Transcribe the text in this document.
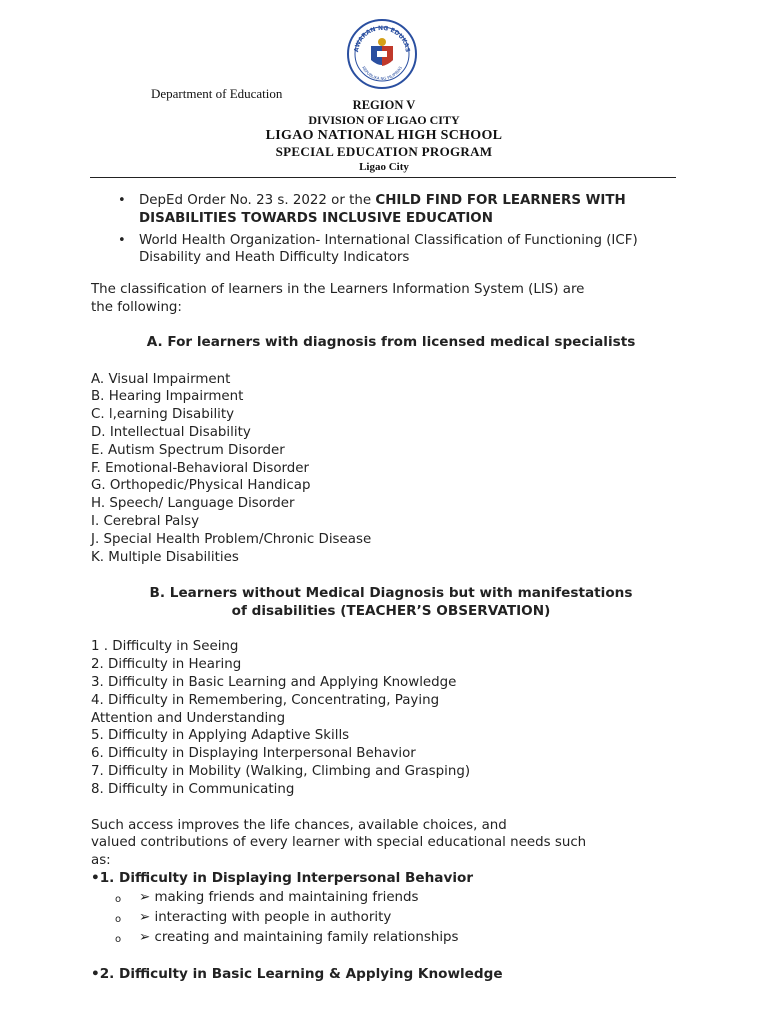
AWARAN NG EDUKAS
REPUBLIKA NG PILIPINAS
Department of Education
REGION V
DIVISION OF LIGAO CITY
LIGAO NATIONAL HIGH SCHOOL
SPECIAL EDUCATION PROGRAM
Ligao City
• DepEd Order No. 23 s. 2022 or the CHILD FIND FOR LEARNERS WITH DISABILITIES TOWARDS INCLUSIVE EDUCATION
• World Health Organization- International Classification of Functioning (ICF) Disability and Heath Difficulty Indicators
The classification of learners in the Learners Information System (LIS) are the following:
A. For learners with diagnosis from licensed medical specialists
A. Visual Impairment
B. Hearing Impairment
C. l,earning Disability
D. Intellectual Disability
E. Autism Spectrum Disorder
F. Emotional-Behavioral Disorder
G. Orthopedic/Physical Handicap
H. Speech/ Language Disorder
I. Cerebral Palsy
J. Special Health Problem/Chronic Disease
K. Multiple Disabilities
B. Learners without Medical Diagnosis but with manifestations
of disabilities (TEACHER’S OBSERVATION)
1 . Difficulty in Seeing
2. Difficulty in Hearing
3. Difficulty in Basic Learning and Applying Knowledge
4. Difficulty in Remembering, Concentrating, Paying
Attention and Understanding
5. Difficulty in Applying Adaptive Skills
6. Difficulty in Displaying Interpersonal Behavior
7. Difficulty in Mobility (Walking, Climbing and Grasping)
8. Difficulty in Communicating
Such access improves the life chances, available choices, and
valued contributions of every learner with special educational needs such
as:
•1. Difficulty in Displaying Interpersonal Behavior
o ➢ making friends and maintaining friends
o ➢ interacting with people in authority
o ➢ creating and maintaining family relationships
•2. Difficulty in Basic Learning & Applying Knowledge
